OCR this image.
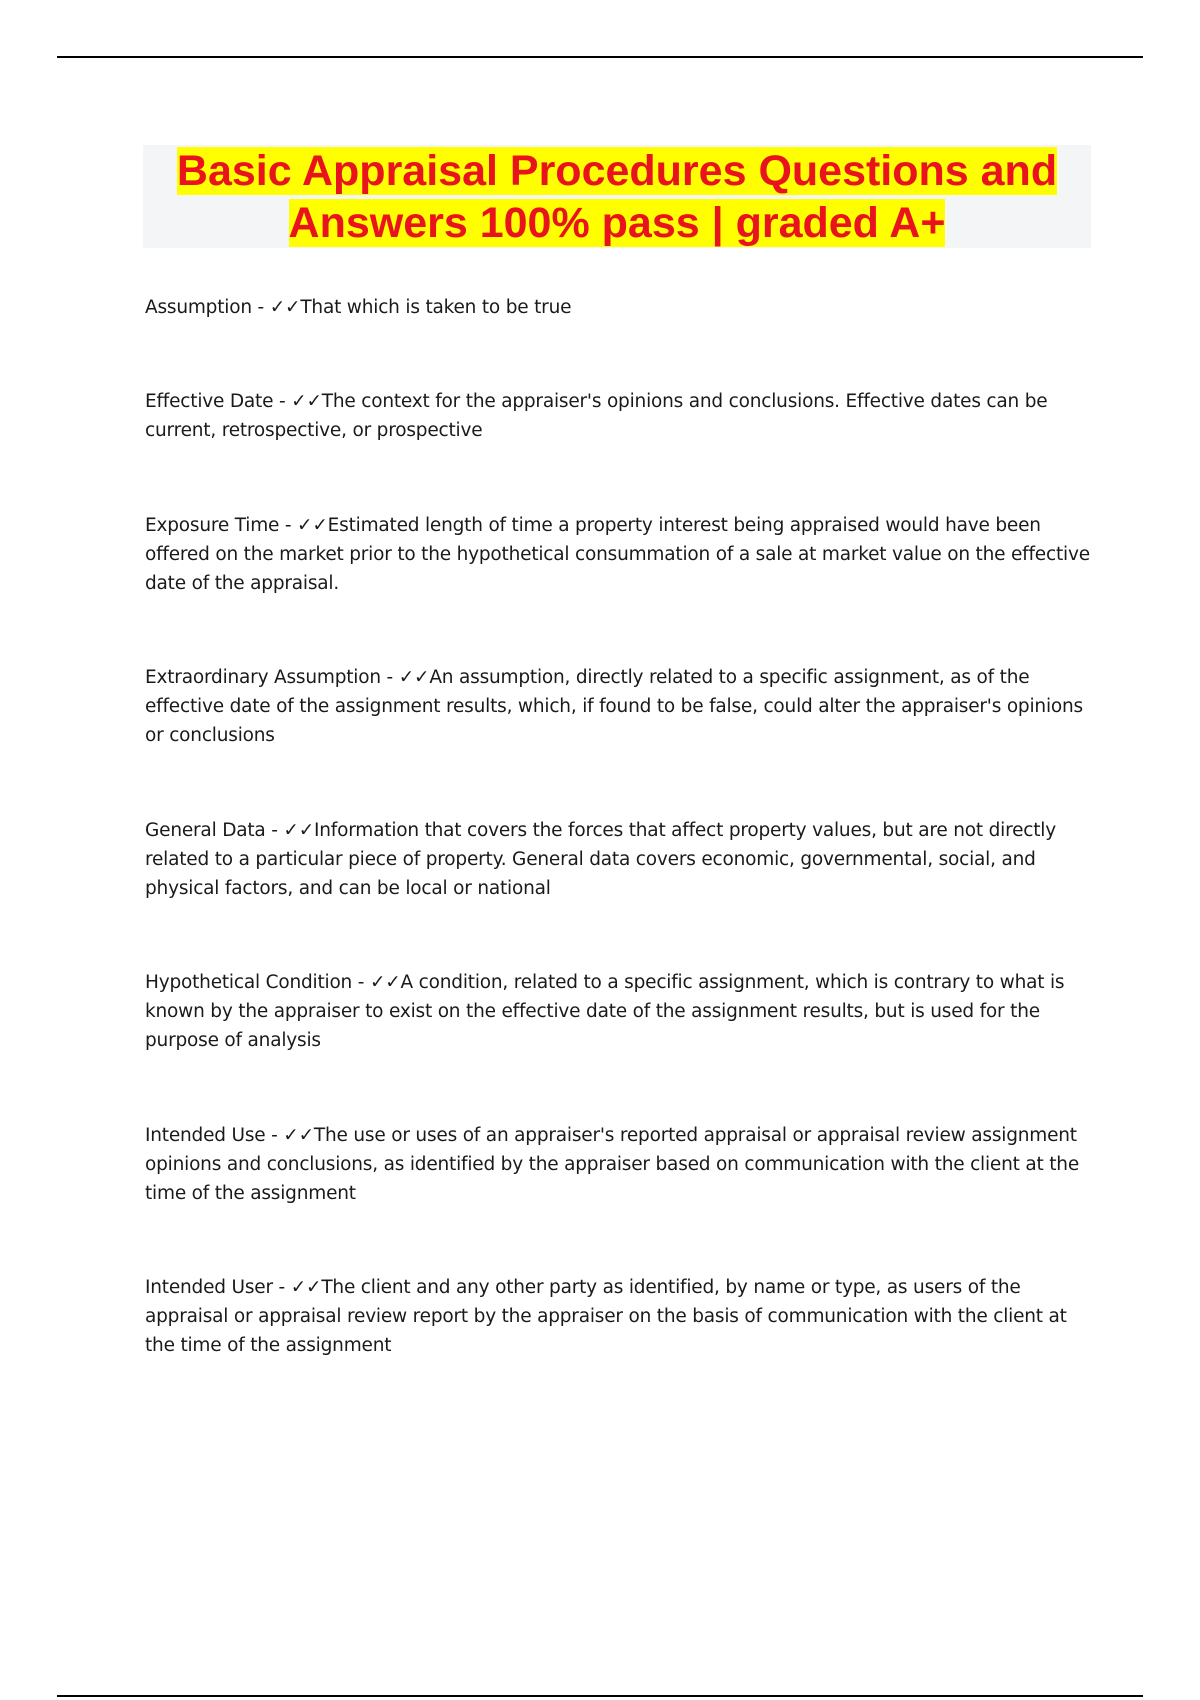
Basic Appraisal Procedures Questions and Answers 100% pass | graded A+
Assumption - ✓✓That which is taken to be true
Effective Date - ✓✓The context for the appraiser's opinions and conclusions. Effective dates can be current, retrospective, or prospective
Exposure Time - ✓✓Estimated length of time a property interest being appraised would have been offered on the market prior to the hypothetical consummation of a sale at market value on the effective date of the appraisal.
Extraordinary Assumption - ✓✓An assumption, directly related to a specific assignment, as of the effective date of the assignment results, which, if found to be false, could alter the appraiser's opinions or conclusions
General Data - ✓✓Information that covers the forces that affect property values, but are not directly related to a particular piece of property. General data covers economic, governmental, social, and physical factors, and can be local or national
Hypothetical Condition - ✓✓A condition, related to a specific assignment, which is contrary to what is known by the appraiser to exist on the effective date of the assignment results, but is used for the purpose of analysis
Intended Use - ✓✓The use or uses of an appraiser's reported appraisal or appraisal review assignment opinions and conclusions, as identified by the appraiser based on communication with the client at the time of the assignment
Intended User - ✓✓The client and any other party as identified, by name or type, as users of the appraisal or appraisal review report by the appraiser on the basis of communication with the client at the time of the assignment
